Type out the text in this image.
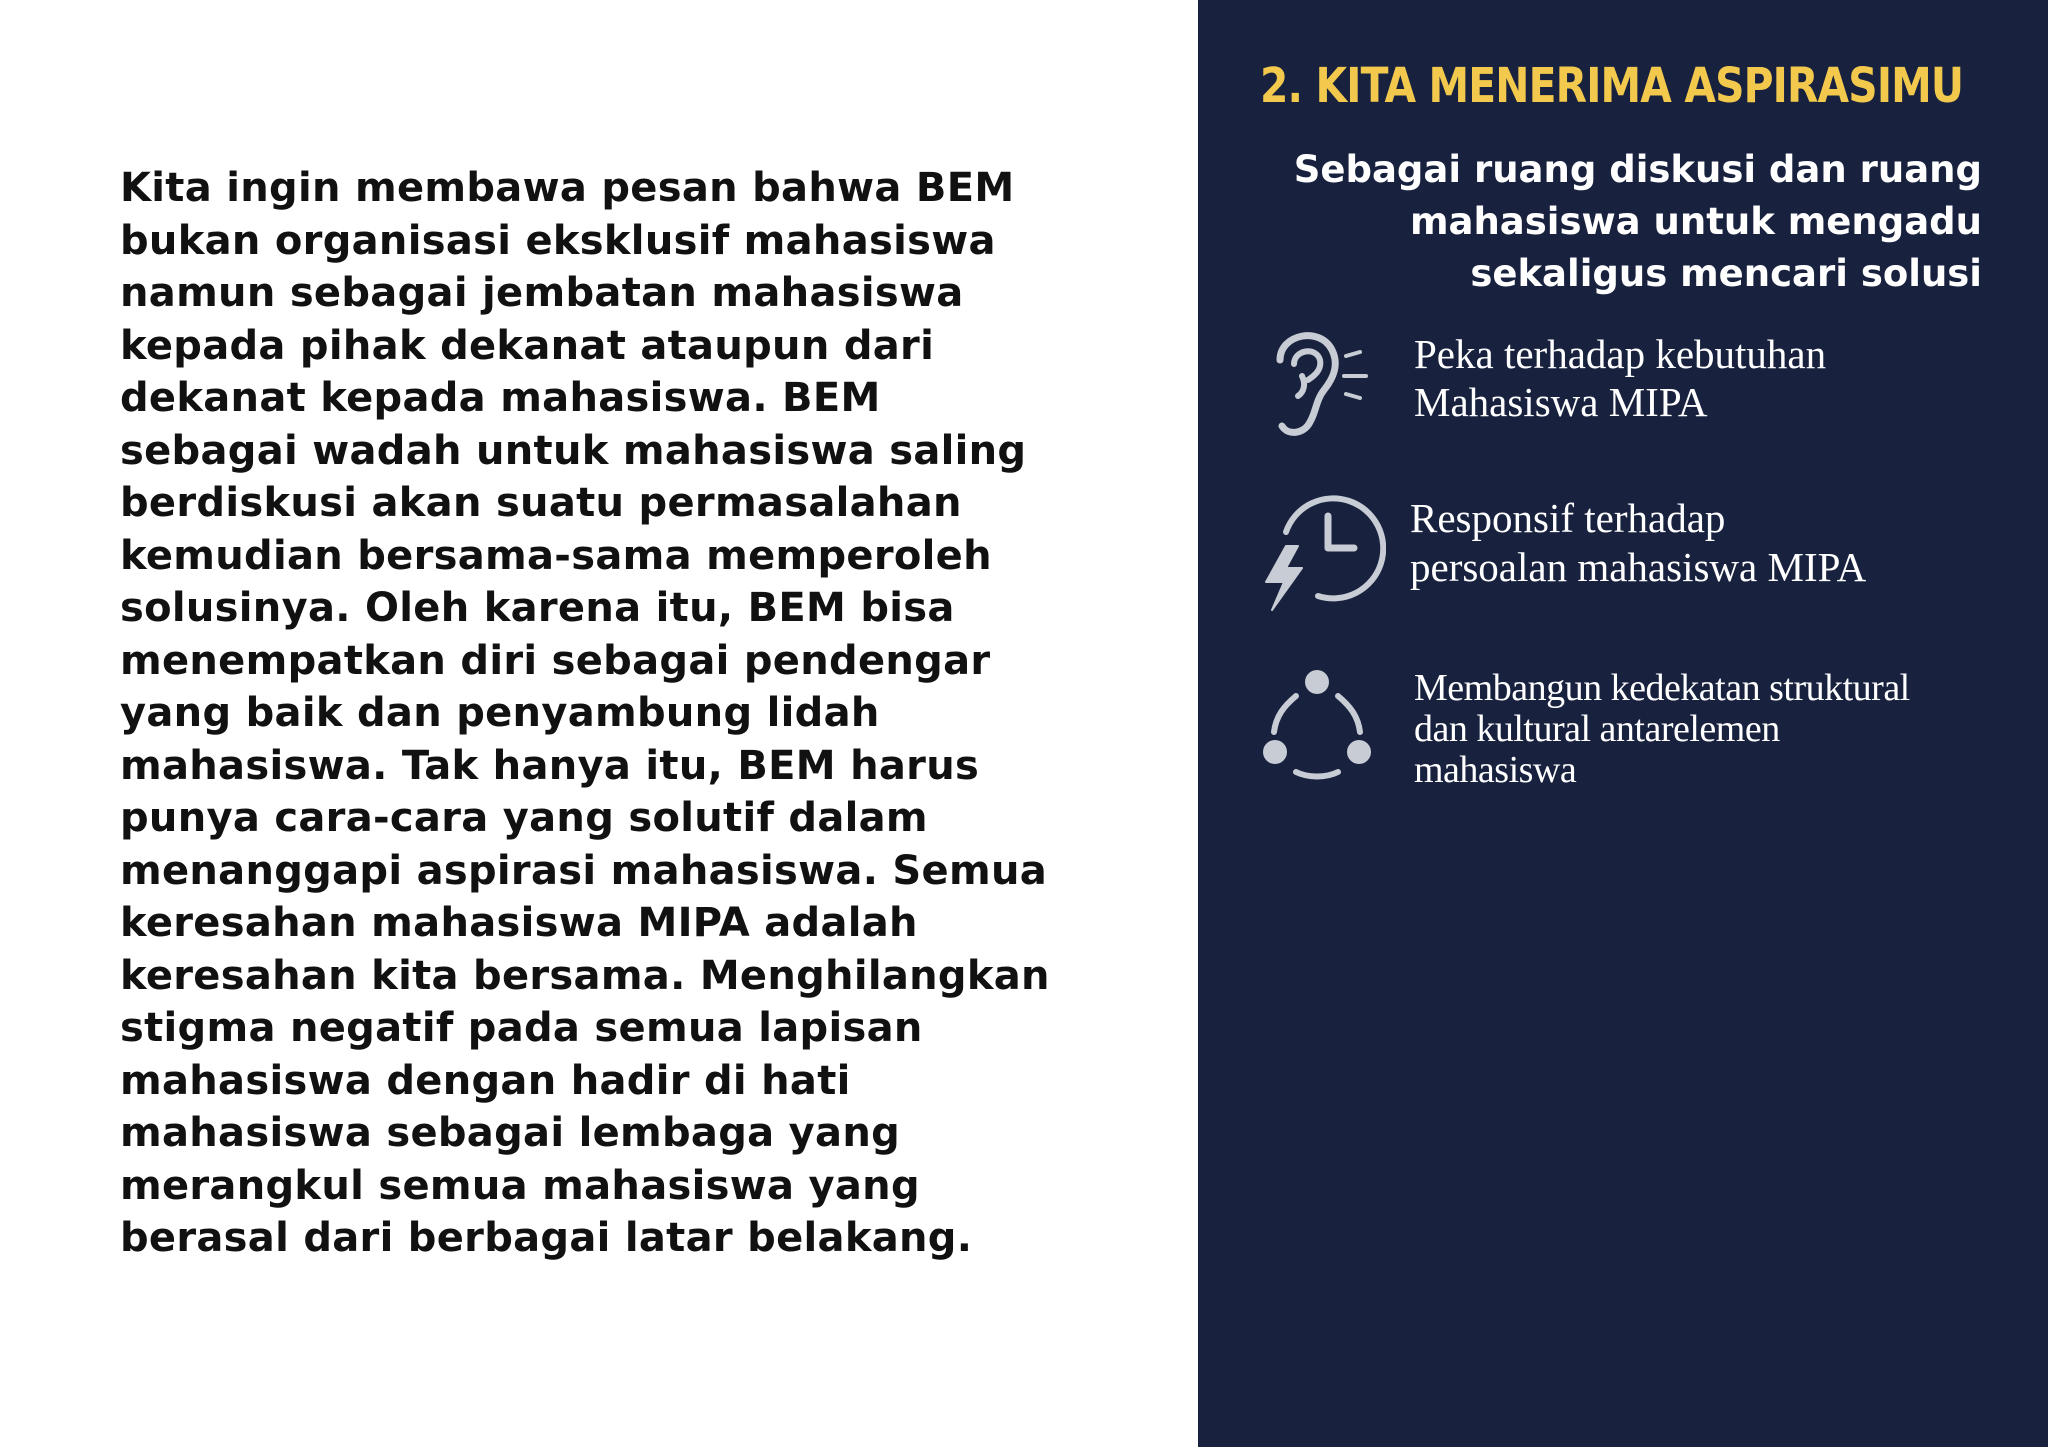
Kita ingin membawa pesan bahwa BEM
bukan organisasi eksklusif mahasiswa
namun sebagai jembatan mahasiswa
kepada pihak dekanat ataupun dari
dekanat kepada mahasiswa. BEM
sebagai wadah untuk mahasiswa saling
berdiskusi akan suatu permasalahan
kemudian bersama-sama memperoleh
solusinya. Oleh karena itu, BEM bisa
menempatkan diri sebagai pendengar
yang baik dan penyambung lidah
mahasiswa. Tak hanya itu, BEM harus
punya cara-cara yang solutif dalam
menanggapi aspirasi mahasiswa. Semua
keresahan mahasiswa MIPA adalah
keresahan kita bersama. Menghilangkan
stigma negatif pada semua lapisan
mahasiswa dengan hadir di hati
mahasiswa sebagai lembaga yang
merangkul semua mahasiswa yang
berasal dari berbagai latar belakang.

2. KITA MENERIMA ASPIRASIMU
Sebagai ruang diskusi dan ruang
mahasiswa untuk mengadu
sekaligus mencari solusi
Peka terhadap kebutuhan
Mahasiswa MIPA
Responsif terhadap
persoalan mahasiswa MIPA
Membangun kedekatan struktural
dan kultural antarelemen
mahasiswa
